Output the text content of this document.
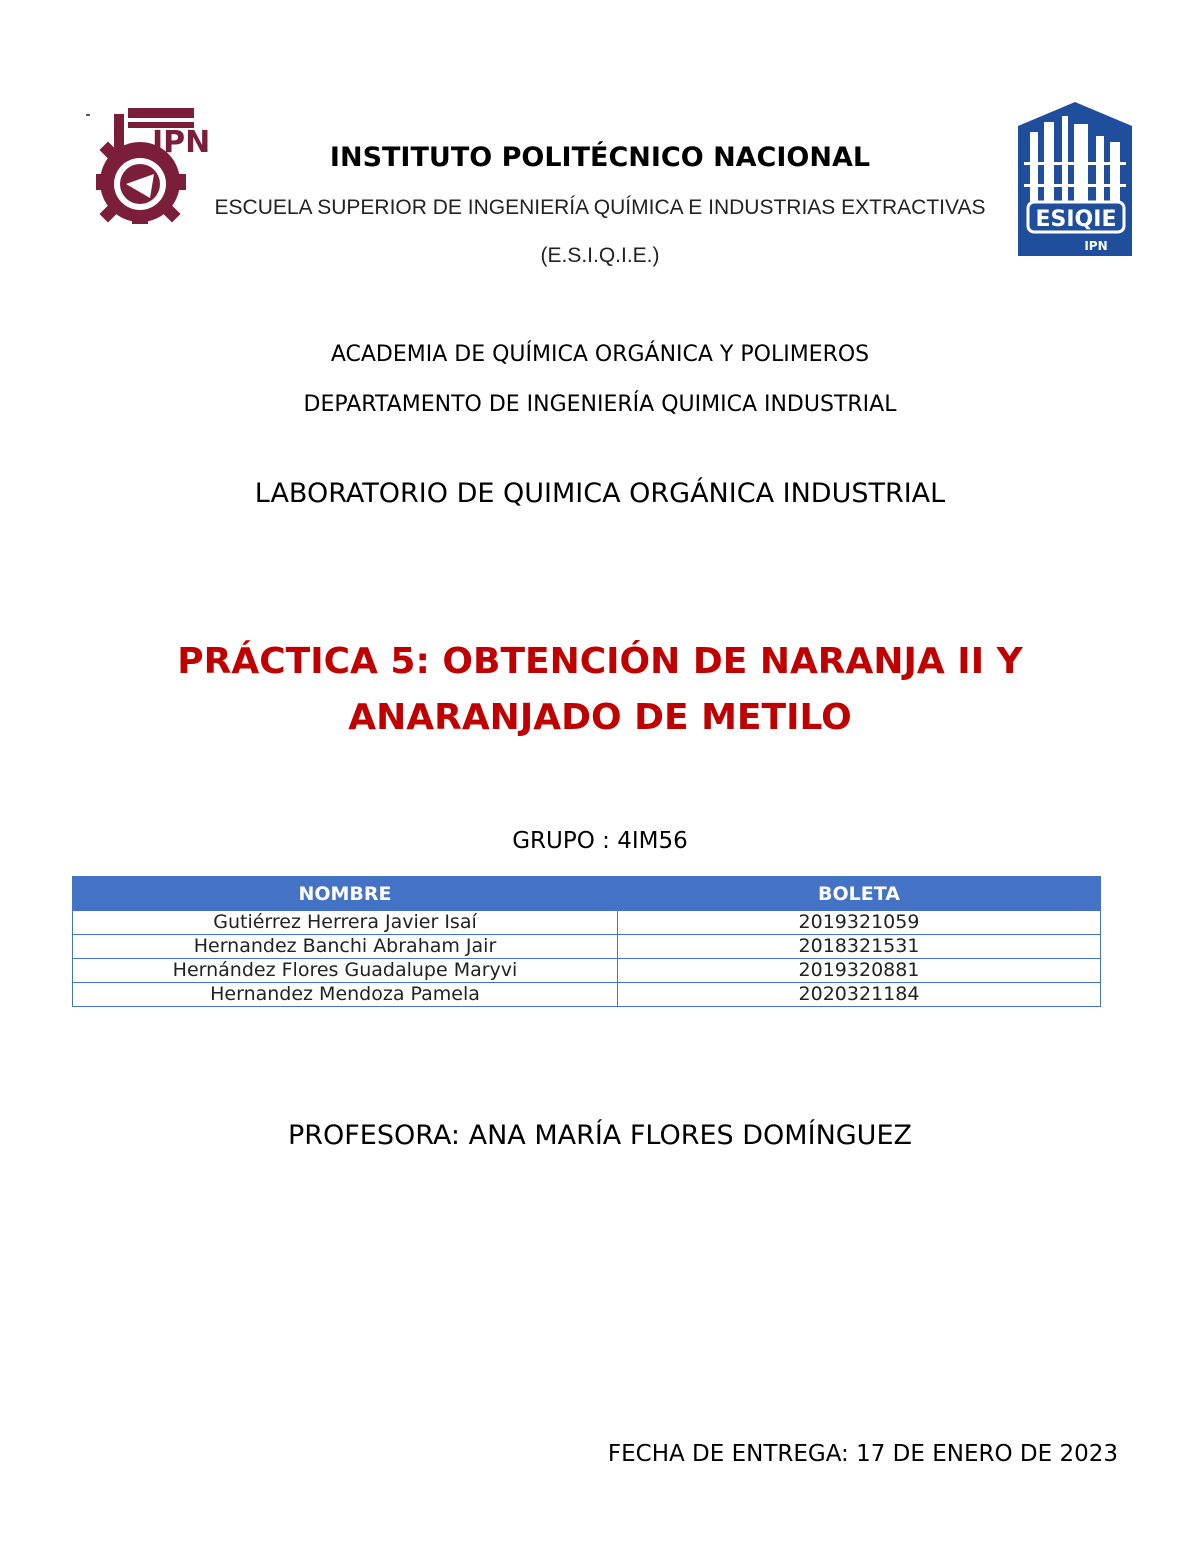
IPN
ESIQIE
IPN
INSTITUTO POLITÉCNICO NACIONAL
ESCUELA SUPERIOR DE INGENIERÍA QUÍMICA E INDUSTRIAS EXTRACTIVAS
(E.S.I.Q.I.E.)
ACADEMIA DE QUÍMICA ORGÁNICA Y POLIMEROS
DEPARTAMENTO DE INGENIERÍA QUIMICA INDUSTRIAL
LABORATORIO DE QUIMICA ORGÁNICA INDUSTRIAL
PRÁCTICA 5: OBTENCIÓN DE NARANJA II Y
ANARANJADO DE METILO
GRUPO : 4IM56
NOMBRE	BOLETA
Gutiérrez Herrera Javier Isaí	2019321059
Hernandez Banchi Abraham Jair	2018321531
Hernández Flores Guadalupe Maryvi	2019320881
Hernandez Mendoza Pamela	2020321184
PROFESORA: ANA MARÍA FLORES DOMÍNGUEZ
FECHA DE ENTREGA: 17 DE ENERO DE 2023
